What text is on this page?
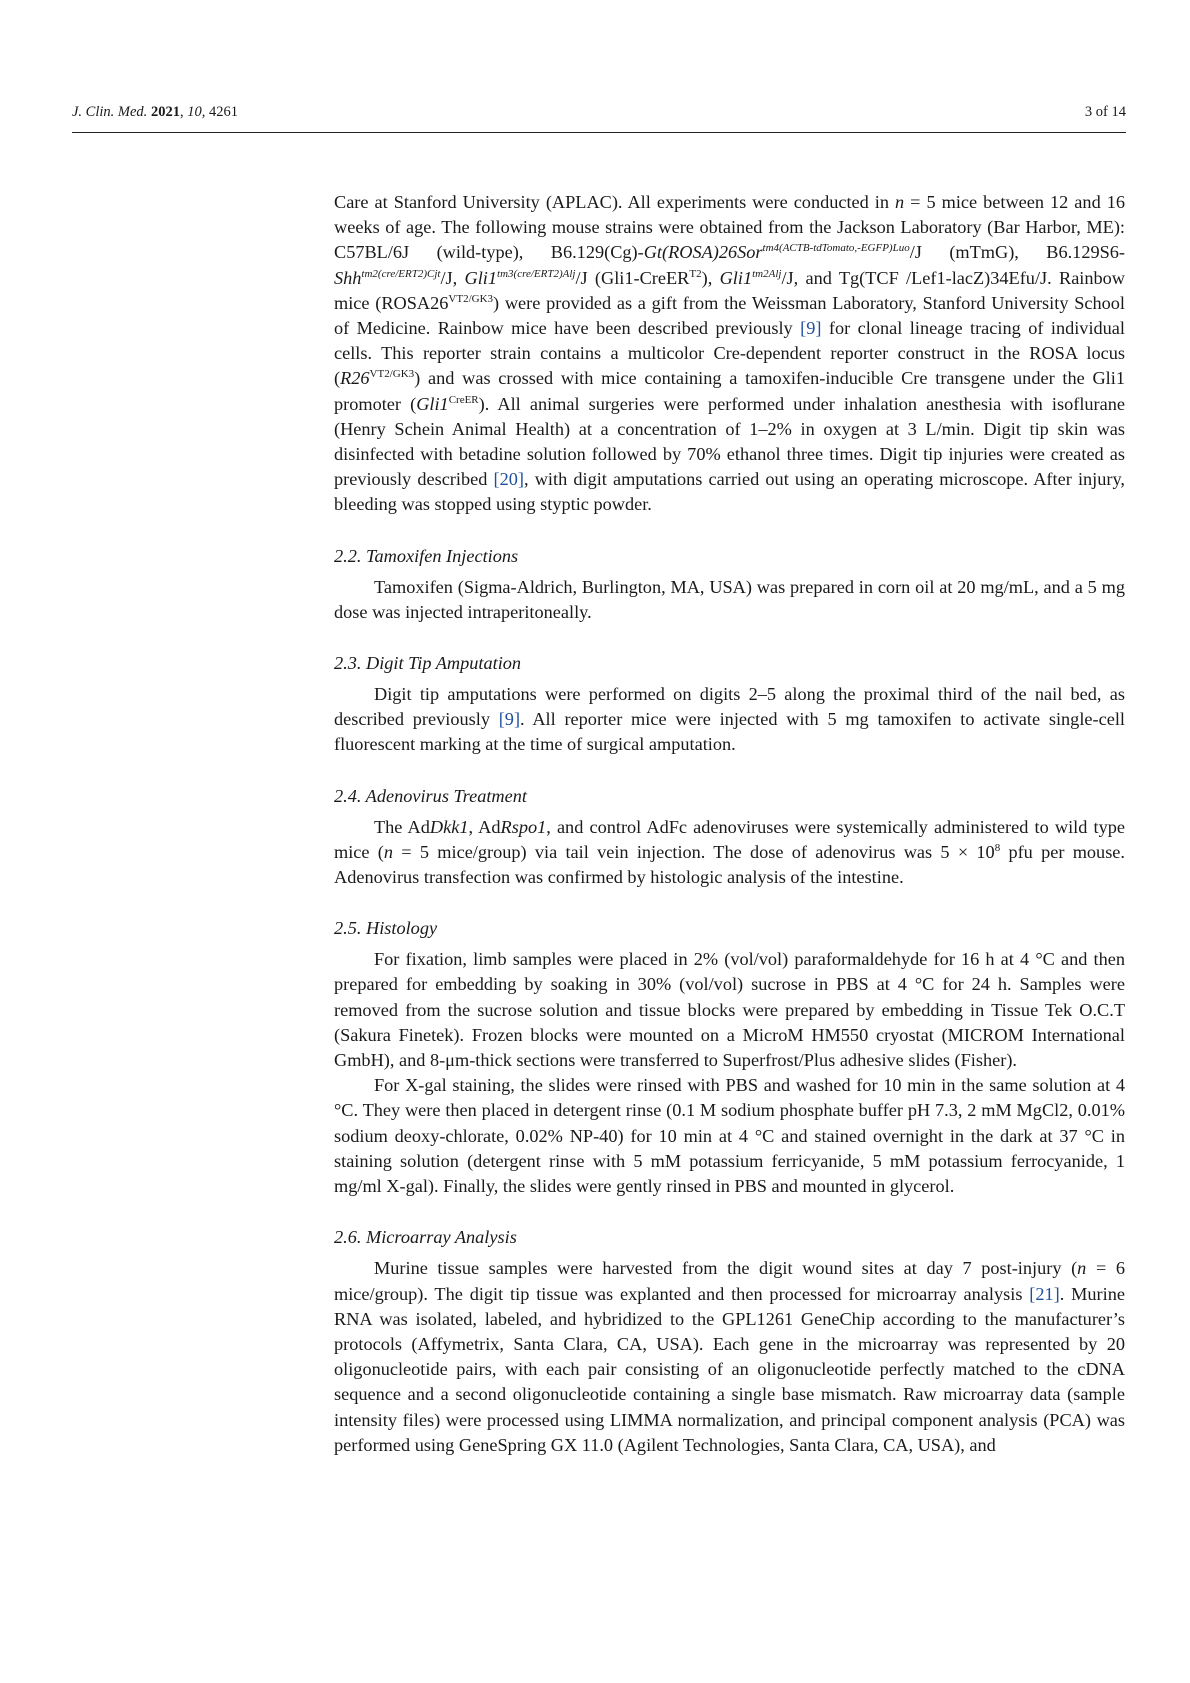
J. Clin. Med. 2021, 10, 4261	3 of 14

Care at Stanford University (APLAC). All experiments were conducted in n = 5 mice between 12 and 16 weeks of age. The following mouse strains were obtained from the Jackson Laboratory (Bar Harbor, ME): C57BL/6J (wild-type), B6.129(Cg)-Gt(ROSA)26Sor$^{tm4(ACTB-tdTomato,-EGFP)Luo}$/J (mTmG), B6.129S6-Shh$^{tm2(cre/ERT2)Cjt}$/J, $Gli1^{tm3(cre/ERT2)Alj}/J$ (Gli1-CreER$^{T2}$), $Gli1^{tm2Alj}/J$, and Tg(TCF /Lef1-lacZ)34Efu/J. Rainbow mice $(ROSA26^{VT2/GK3})$ were provided as a gift from the Weissman Laboratory, Stanford University School of Medicine. Rainbow mice have been described previously [9] for clonal lineage tracing of individual cells. This reporter strain contains a multicolor Cre-dependent reporter construct in the ROSA locus $(R26^{VT2/GK3})$ and was crossed with mice containing a tamoxifen-inducible Cre transgene under the Gli1 promoter $(Gli1^{CreER})$. All animal surgeries were performed under inhalation anesthesia with isoflurane (Henry Schein Animal Health) at a concentration of 1–2% in oxygen at 3 L/min. Digit tip skin was disinfected with betadine solution followed by 70% ethanol three times. Digit tip injuries were created as previously described [20], with digit amputations carried out using an operating microscope. After injury, bleeding was stopped using styptic powder.

2.2. Tamoxifen Injections

Tamoxifen (Sigma-Aldrich, Burlington, MA, USA) was prepared in corn oil at 20 mg/mL, and a 5 mg dose was injected intraperitoneally.

2.3. Digit Tip Amputation

Digit tip amputations were performed on digits 2–5 along the proximal third of the nail bed, as described previously [9]. All reporter mice were injected with 5 mg tamoxifen to activate single-cell fluorescent marking at the time of surgical amputation.

2.4. Adenovirus Treatment

The AdDkk1, AdRspo1, and control AdFc adenoviruses were systemically administered to wild type mice (n = 5 mice/group) via tail vein injection. The dose of adenovirus was $5 \times 10^8$ pfu per mouse. Adenovirus transfection was confirmed by histologic analysis of the intestine.

2.5. Histology

For fixation, limb samples were placed in 2% (vol/vol) paraformaldehyde for 16 h at 4 °C and then prepared for embedding by soaking in 30% (vol/vol) sucrose in PBS at 4 °C for 24 h. Samples were removed from the sucrose solution and tissue blocks were prepared by embedding in Tissue Tek O.C.T (Sakura Finetek). Frozen blocks were mounted on a MicroM HM550 cryostat (MICROM International GmbH), and 8-μm-thick sections were transferred to Superfrost/Plus adhesive slides (Fisher).

For X-gal staining, the slides were rinsed with PBS and washed for 10 min in the same solution at 4 °C. They were then placed in detergent rinse (0.1 M sodium phosphate buffer pH 7.3, 2 mM MgCl2, 0.01% sodium deoxy-chlorate, 0.02% NP-40) for 10 min at 4 °C and stained overnight in the dark at 37 °C in staining solution (detergent rinse with 5 mM potassium ferricyanide, 5 mM potassium ferrocyanide, 1 mg/ml X-gal). Finally, the slides were gently rinsed in PBS and mounted in glycerol.

2.6. Microarray Analysis

Murine tissue samples were harvested from the digit wound sites at day 7 post-injury (n = 6 mice/group). The digit tip tissue was explanted and then processed for microarray analysis [21]. Murine RNA was isolated, labeled, and hybridized to the GPL1261 GeneChip according to the manufacturer’s protocols (Affymetrix, Santa Clara, CA, USA). Each gene in the microarray was represented by 20 oligonucleotide pairs, with each pair consisting of an oligonucleotide perfectly matched to the cDNA sequence and a second oligonucleotide containing a single base mismatch. Raw microarray data (sample intensity files) were processed using LIMMA normalization, and principal component analysis (PCA) was performed using GeneSpring GX 11.0 (Agilent Technologies, Santa Clara, CA, USA), and
